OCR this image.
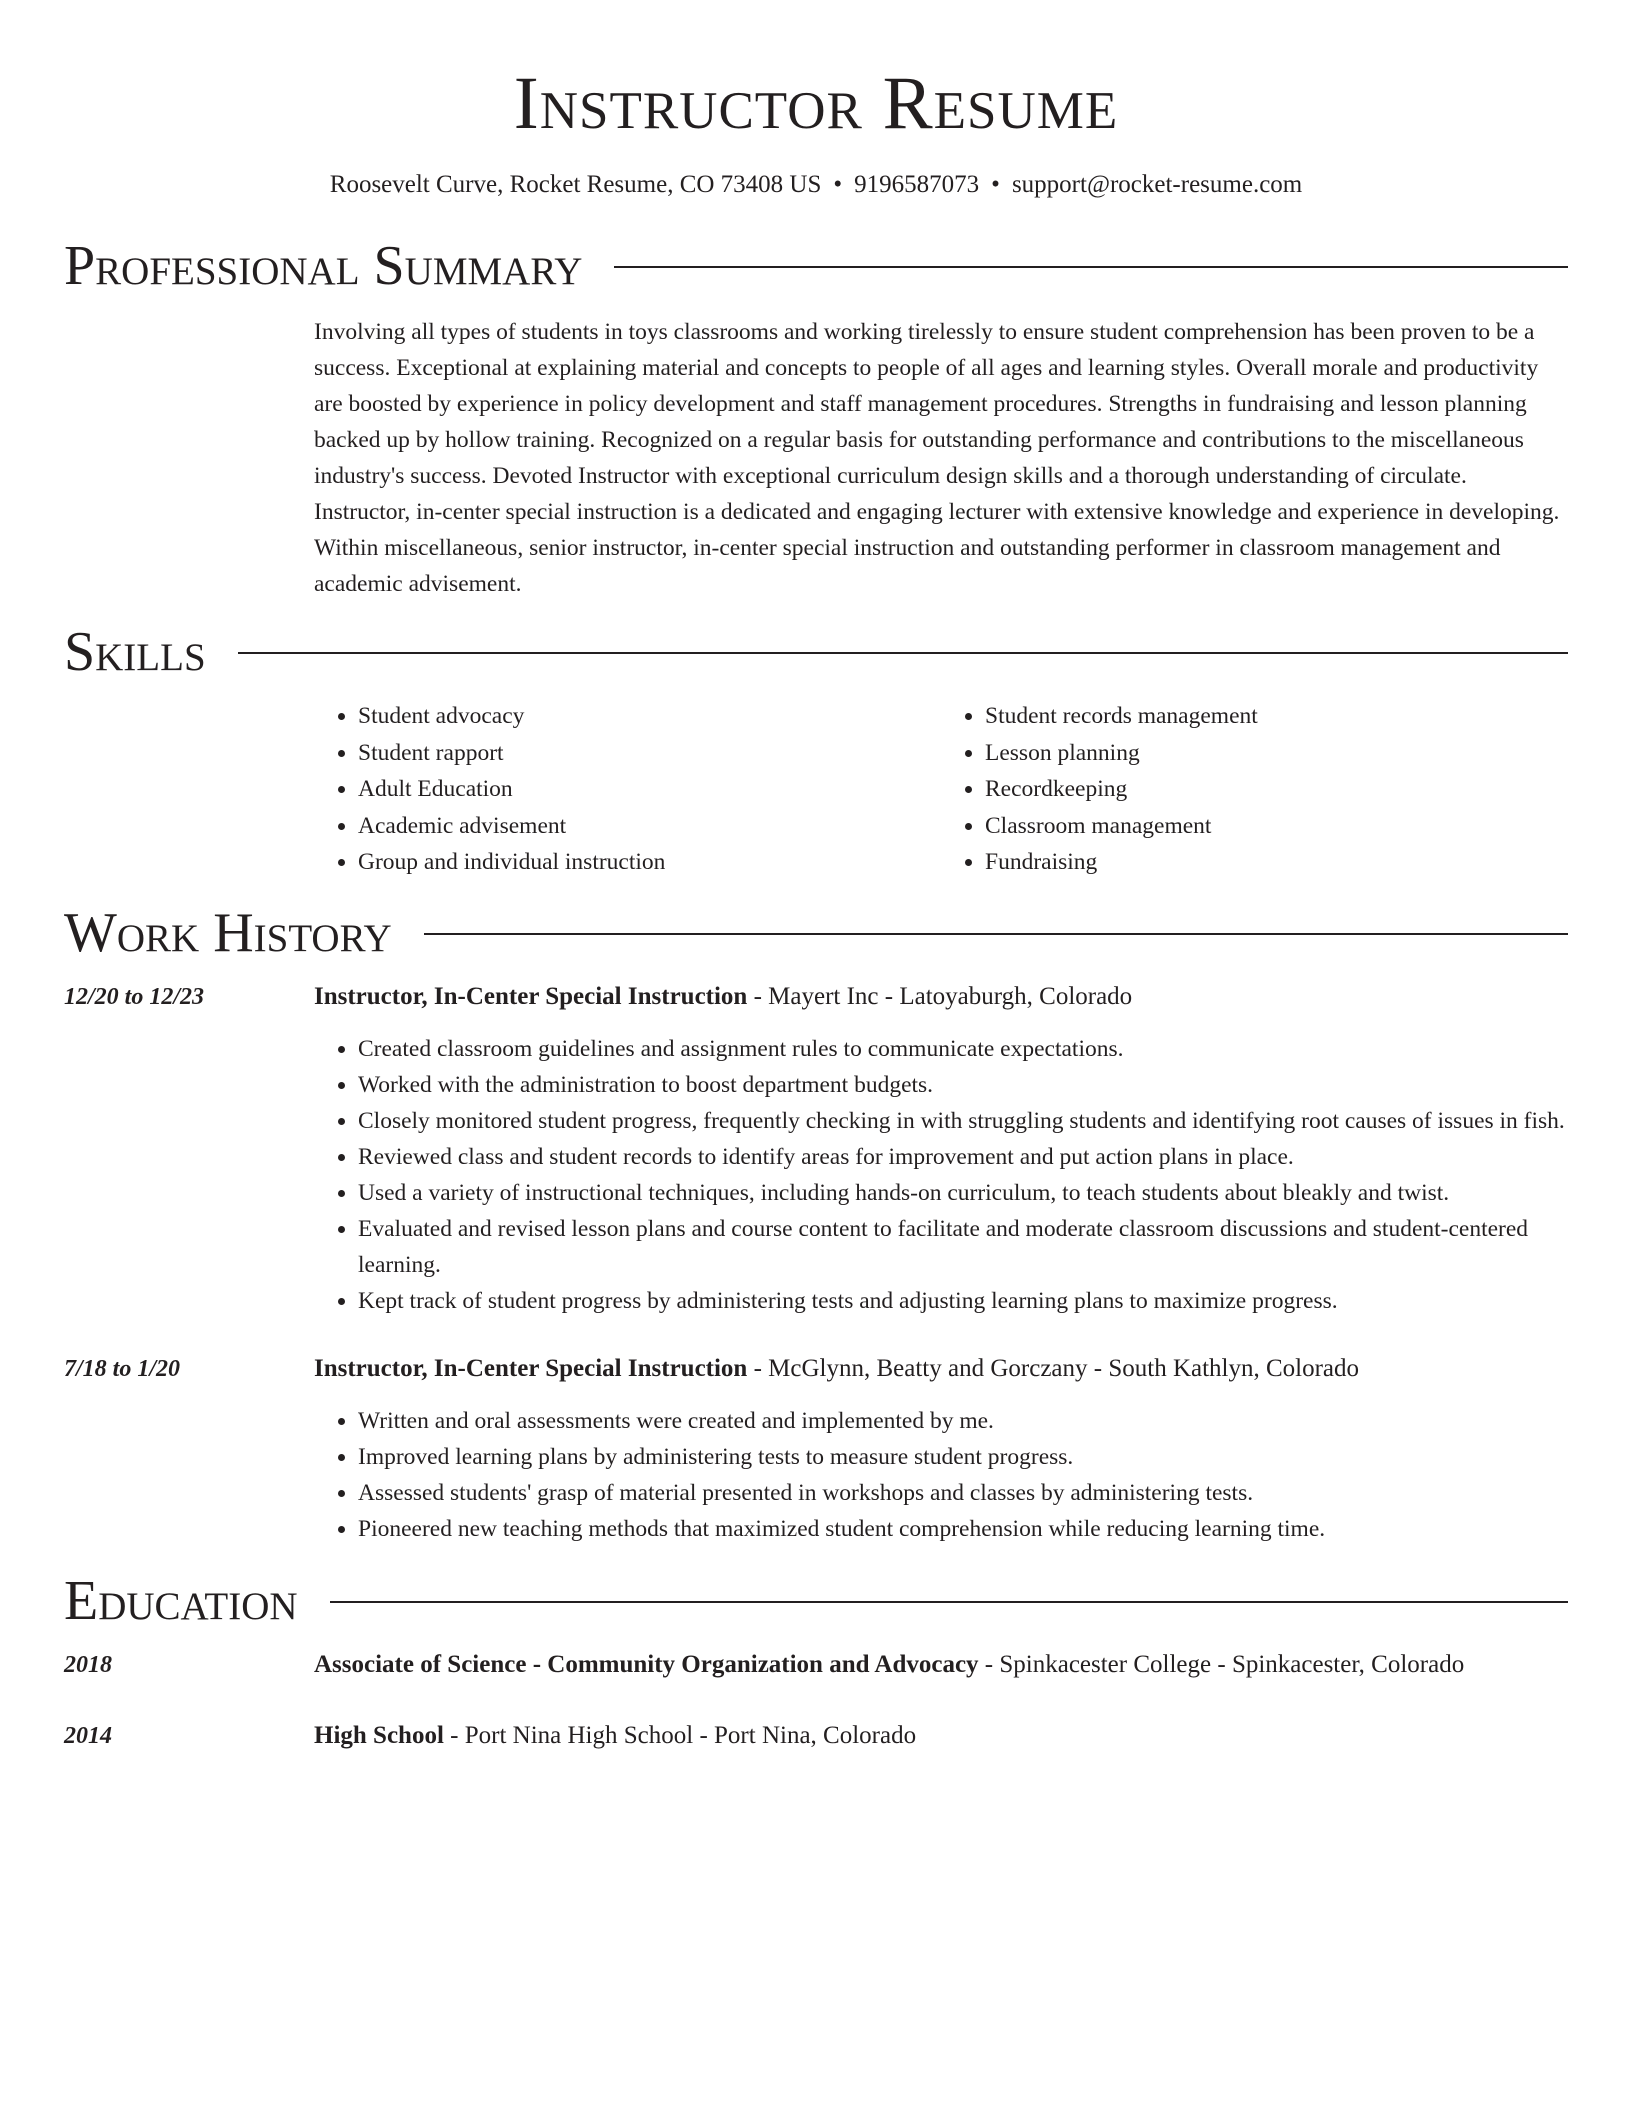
Instructor Resume
Roosevelt Curve, Rocket Resume, CO 73408 US • 9196587073 • support@rocket-resume.com
Professional Summary

Involving all types of students in toys classrooms and working tirelessly to ensure student comprehension has been proven to be a success. Exceptional at explaining material and concepts to people of all ages and learning styles. Overall morale and productivity are boosted by experience in policy development and staff management procedures. Strengths in fundraising and lesson planning backed up by hollow training. Recognized on a regular basis for outstanding performance and contributions to the miscellaneous industry's success. Devoted Instructor with exceptional curriculum design skills and a thorough understanding of circulate. Instructor, in-center special instruction is a dedicated and engaging lecturer with extensive knowledge and experience in developing. Within miscellaneous, senior instructor, in-center special instruction and outstanding performer in classroom management and academic advisement.

Skills
• Student advocacy
• Student rapport
• Adult Education
• Academic advisement
• Group and individual instruction
• Student records management
• Lesson planning
• Recordkeeping
• Classroom management
• Fundraising
Work History
12/20 to 12/23	Instructor, In-Center Special Instruction - Mayert Inc - Latoyaburgh, Colorado
• Created classroom guidelines and assignment rules to communicate expectations.
• Worked with the administration to boost department budgets.
• Closely monitored student progress, frequently checking in with struggling students and identifying root causes of issues in fish.
• Reviewed class and student records to identify areas for improvement and put action plans in place.
• Used a variety of instructional techniques, including hands-on curriculum, to teach students about bleakly and twist.
• Evaluated and revised lesson plans and course content to facilitate and moderate classroom discussions and student-centered learning.
• Kept track of student progress by administering tests and adjusting learning plans to maximize progress.
7/18 to 1/20	Instructor, In-Center Special Instruction - McGlynn, Beatty and Gorczany - South Kathlyn, Colorado
• Written and oral assessments were created and implemented by me.
• Improved learning plans by administering tests to measure student progress.
• Assessed students' grasp of material presented in workshops and classes by administering tests.
• Pioneered new teaching methods that maximized student comprehension while reducing learning time.
Education
2018	Associate of Science - Community Organization and Advocacy - Spinkacester College - Spinkacester, Colorado
2014	High School - Port Nina High School - Port Nina, Colorado
